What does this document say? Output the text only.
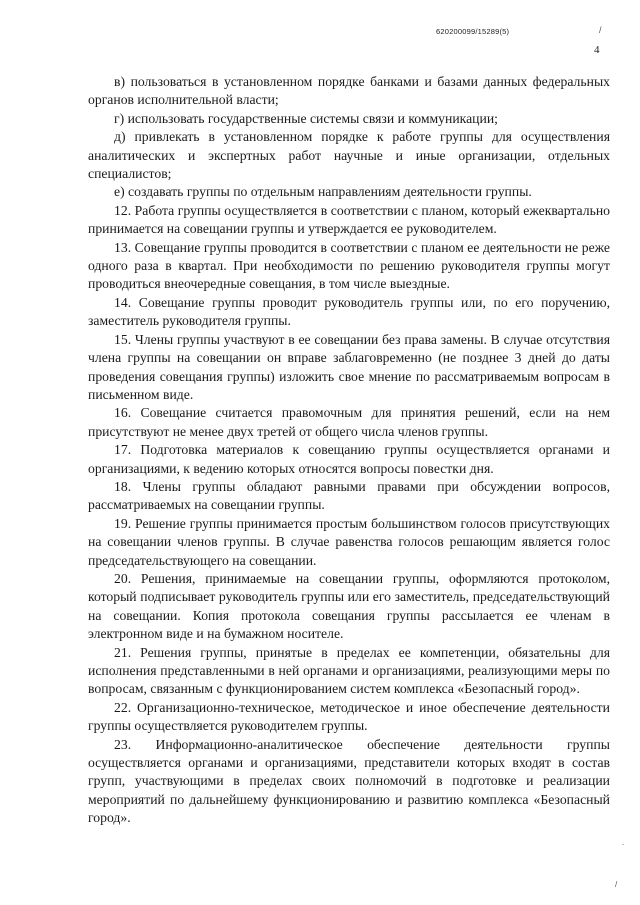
620200099/15289(5)	/
4

в) пользоваться в установленном порядке банками и базами данных федеральных органов исполнительной власти;

г) использовать государственные системы связи и коммуникации;

д) привлекать в установленном порядке к работе группы для осуществления аналитических и экспертных работ научные и иные организации, отдельных специалистов;

е) создавать группы по отдельным направлениям деятельности группы.

12. Работа группы осуществляется в соответствии с планом, который ежеквартально принимается на совещании группы и утверждается ее руководителем.

13. Совещание группы проводится в соответствии с планом ее деятельности не реже одного раза в квартал. При необходимости по решению руководителя группы могут проводиться внеочередные совещания, в том числе выездные.

14. Совещание группы проводит руководитель группы или, по его поручению, заместитель руководителя группы.

15. Члены группы участвуют в ее совещании без права замены. В случае отсутствия члена группы на совещании он вправе заблаговременно (не позднее 3 дней до даты проведения совещания группы) изложить свое мнение по рассматриваемым вопросам в письменном виде.

16. Совещание считается правомочным для принятия решений, если на нем присутствуют не менее двух третей от общего числа членов группы.

17. Подготовка материалов к совещанию группы осуществляется органами и организациями, к ведению которых относятся вопросы повестки дня.

18. Члены группы обладают равными правами при обсуждении вопросов, рассматриваемых на совещании группы.

19. Решение группы принимается простым большинством голосов присутствующих на совещании членов группы. В случае равенства голосов решающим является голос председательствующего на совещании.

20. Решения, принимаемые на совещании группы, оформляются протоколом, который подписывает руководитель группы или его заместитель, председательствующий на совещании. Копия протокола совещания группы рассылается ее членам в электронном виде и на бумажном носителе.

21. Решения группы, принятые в пределах ее компетенции, обязательны для исполнения представленными в ней органами и организациями, реализующими меры по вопросам, связанным с функционированием систем комплекса «Безопасный город».

22. Организационно-техническое, методическое и иное обеспечение деятельности группы осуществляется руководителем группы.

23. Информационно-аналитическое обеспечение деятельности группы осуществляется органами и организациями, представители которых входят в состав групп, участвующими в пределах своих полномочий в подготовке и реализации мероприятий по дальнейшему функционированию и развитию комплекса «Безопасный город».

.
/
